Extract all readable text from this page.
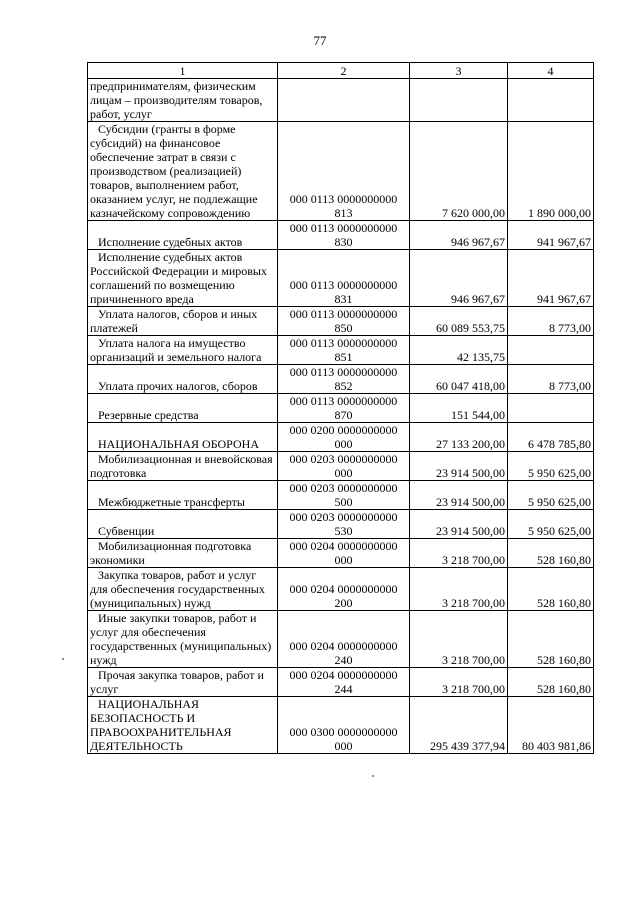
77
1	2	3	4
предпринимателям, физическим лицам – производителям товаров, работ, услуг			
Субсидии (гранты в форме субсидий) на финансовое обеспечение затрат в связи с производством (реализацией) товаров, выполнением работ, оказанием услуг, не подлежащие казначейскому сопровождению	000 0113 0000000000 813	7 620 000,00	1 890 000,00
Исполнение судебных актов	000 0113 0000000000 830	946 967,67	941 967,67
Исполнение судебных актов Российской Федерации и мировых соглашений по возмещению причиненного вреда	000 0113 0000000000 831	946 967,67	941 967,67
Уплата налогов, сборов и иных платежей	000 0113 0000000000 850	60 089 553,75	8 773,00
Уплата налога на имущество организаций и земельного налога	000 0113 0000000000 851	42 135,75	
Уплата прочих налогов, сборов	000 0113 0000000000 852	60 047 418,00	8 773,00
Резервные средства	000 0113 0000000000 870	151 544,00	
НАЦИОНАЛЬНАЯ ОБОРОНА	000 0200 0000000000 000	27 133 200,00	6 478 785,80
Мобилизационная и вневойсковая подготовка	000 0203 0000000000 000	23 914 500,00	5 950 625,00
Межбюджетные трансферты	000 0203 0000000000 500	23 914 500,00	5 950 625,00
Субвенции	000 0203 0000000000 530	23 914 500,00	5 950 625,00
Мобилизационная подготовка экономики	000 0204 0000000000 000	3 218 700,00	528 160,80
Закупка товаров, работ и услуг для обеспечения государственных (муниципальных) нужд	000 0204 0000000000 200	3 218 700,00	528 160,80
Иные закупки товаров, работ и услуг для обеспечения государственных (муниципальных) нужд	000 0204 0000000000 240	3 218 700,00	528 160,80
Прочая закупка товаров, работ и услуг	000 0204 0000000000 244	3 218 700,00	528 160,80
НАЦИОНАЛЬНАЯ БЕЗОПАСНОСТЬ И ПРАВООХРАНИТЕЛЬНАЯ ДЕЯТЕЛЬНОСТЬ	000 0300 0000000000 000	295 439 377,94	80 403 981,86
